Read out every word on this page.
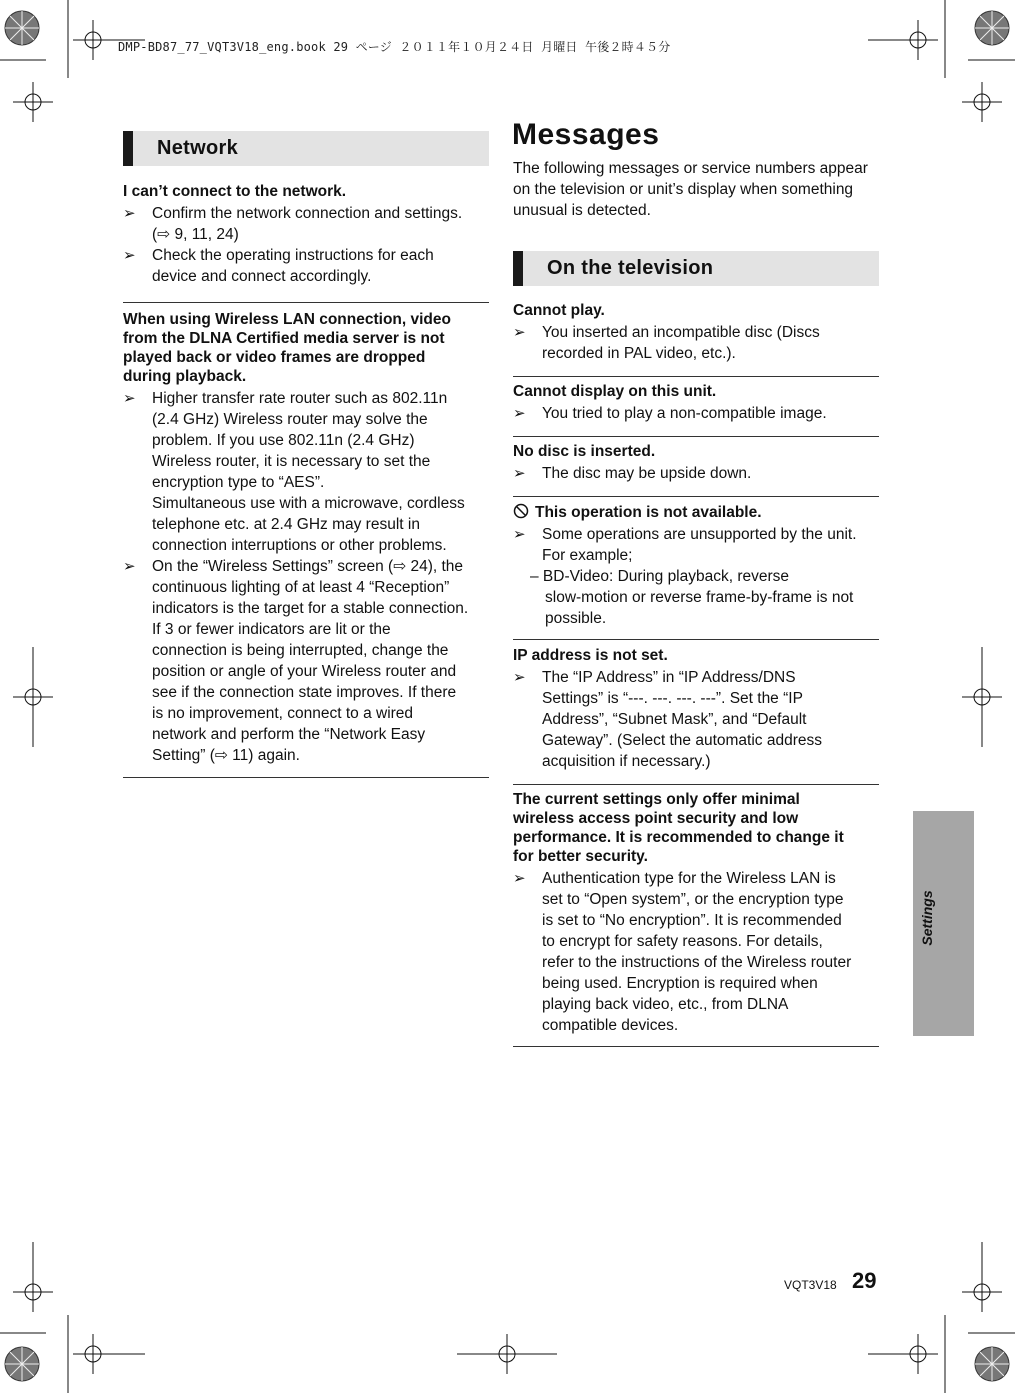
DMP-BD87_77_VQT3V18_eng.book 29 ページ ２０１１年１０月２４日 月曜日 午後２時４５分
Network
I can’t connect to the network.
➢ Confirm the network connection and settings.
(⇨ 9, 11, 24)
➢ Check the operating instructions for each
device and connect accordingly.
When using Wireless LAN connection, video
from the DLNA Certified media server is not
played back or video frames are dropped
during playback.
➢ Higher transfer rate router such as 802.11n
(2.4 GHz) Wireless router may solve the
problem. If you use 802.11n (2.4 GHz)
Wireless router, it is necessary to set the
encryption type to “AES”.
Simultaneous use with a microwave, cordless
telephone etc. at 2.4 GHz may result in
connection interruptions or other problems.
➢ On the “Wireless Settings” screen (⇨ 24), the
continuous lighting of at least 4 “Reception”
indicators is the target for a stable connection.
If 3 or fewer indicators are lit or the
connection is being interrupted, change the
position or angle of your Wireless router and
see if the connection state improves. If there
is no improvement, connect to a wired
network and perform the “Network Easy
Setting” (⇨ 11) again.
Messages
The following messages or service numbers appear
on the television or unit’s display when something
unusual is detected.
On the television
Cannot play.
➢ You inserted an incompatible disc (Discs
recorded in PAL video, etc.).
Cannot display on this unit.
➢ You tried to play a non-compatible image.
No disc is inserted.
➢ The disc may be upside down.
This operation is not available.
➢ Some operations are unsupported by the unit.
For example;
– BD-Video: During playback, reverse
slow-motion or reverse frame-by-frame is not
possible.
IP address is not set.
➢ The “IP Address” in “IP Address/DNS
Settings” is “---. ---. ---. ---”. Set the “IP
Address”, “Subnet Mask”, and “Default
Gateway”. (Select the automatic address
acquisition if necessary.)
The current settings only offer minimal
wireless access point security and low
performance. It is recommended to change it
for better security.
➢ Authentication type for the Wireless LAN is
set to “Open system”, or the encryption type
is set to “No encryption”. It is recommended
to encrypt for safety reasons. For details,
refer to the instructions of the Wireless router
being used. Encryption is required when
playing back video, etc., from DLNA
compatible devices.
Settings
VQT3V18 29
